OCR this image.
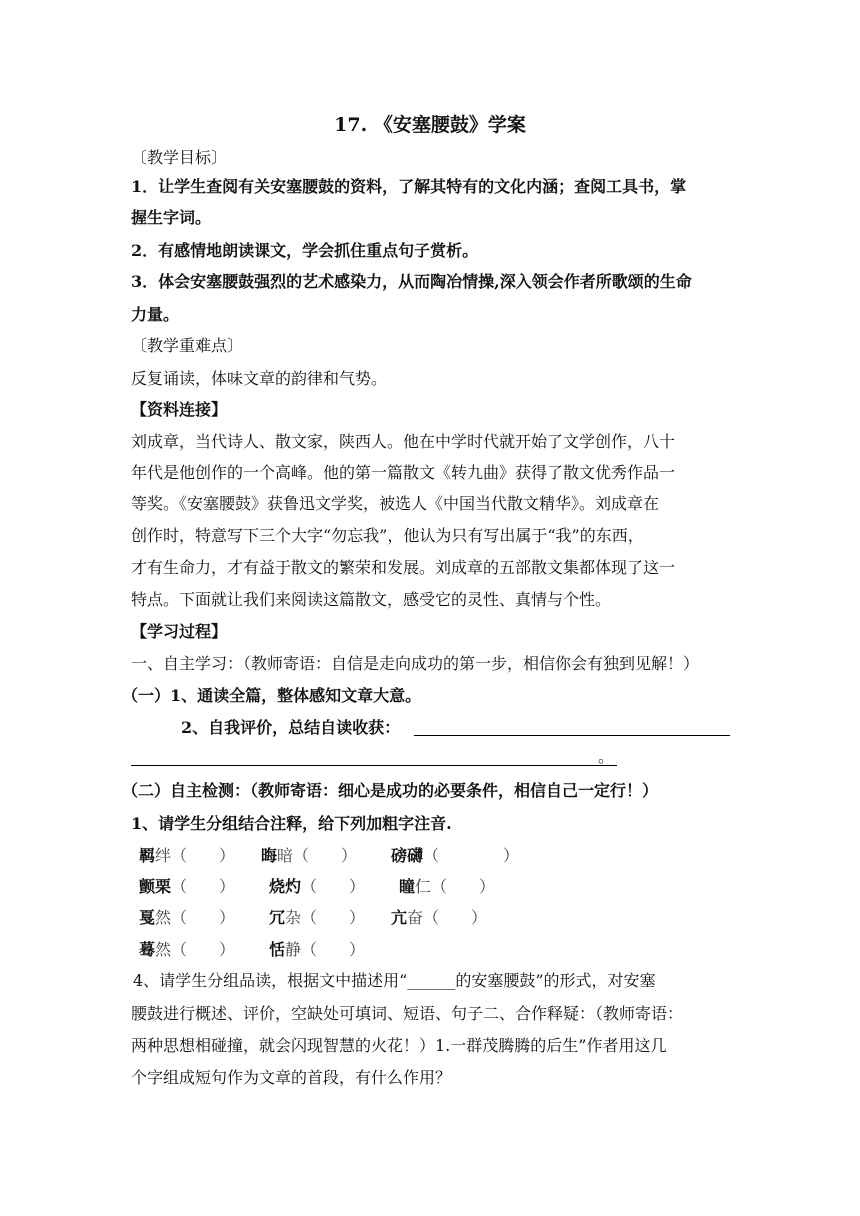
17. 《安塞腰鼓》学案
〔教学目标〕
1．让学生查阅有关安塞腰鼓的资料，了解其特有的文化内涵；查阅工具书，掌
握生字词。
2．有感情地朗读课文，学会抓住重点句子赏析。
3．体会安塞腰鼓强烈的艺术感染力，从而陶冶情操,深入领会作者所歌颂的生命
力量。
〔教学重难点〕
反复诵读，体味文章的韵律和气势。
【资料连接】
刘成章，当代诗人、散文家，陕西人。他在中学时代就开始了文学创作，八十
年代是他创作的一个高峰。他的第一篇散文《转九曲》获得了散文优秀作品一
等奖。《安塞腰鼓》获鲁迅文学奖，被选人《中国当代散文精华》。刘成章在
创作时，特意写下三个大字“勿忘我”，他认为只有写出属于“我”的东西，
才有生命力，才有益于散文的繁荣和发展。刘成章的五部散文集都体现了这一
特点。下面就让我们来阅读这篇散文，感受它的灵性、真情与个性。
【学习过程】
一、自主学习：（教师寄语：自信是走向成功的第一步，相信你会有独到见解！）
（一）1、通读全篇，整体感知文章大意。
2、自我评价，总结自读收获：
。
（二）自主检测：（教师寄语：细心是成功的必要条件，相信自己一定行！）
1、请学生分组结合注释，给下列加粗字注音.
羁绊（　　） 晦暗（　　） 磅礴（　　　　）
颤栗（　　） 烧灼（　　） 瞳仁（　　）
戛然（　　） 冗杂（　　） 亢奋（　　）
蓦然（　　） 恬静（　　）
4、请学生分组品读，根据文中描述用“______的安塞腰鼓”的形式，对安塞
腰鼓进行概述、评价，空缺处可填词、短语、句子二、合作释疑：（教师寄语：
两种思想相碰撞，就会闪现智慧的火花！）1.一群茂腾腾的后生”作者用这几
个字组成短句作为文章的首段，有什么作用？
